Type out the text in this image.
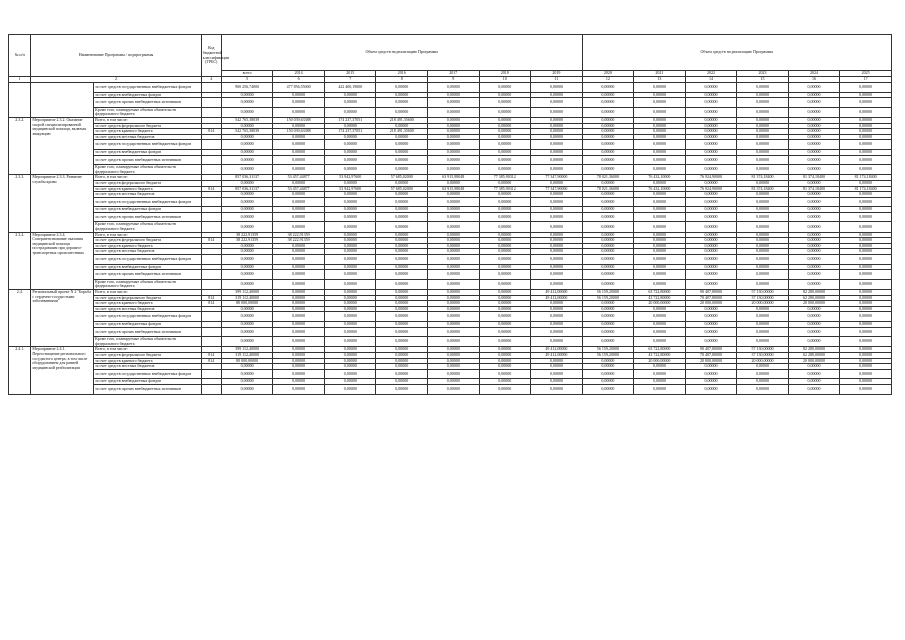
№ п/п	Наименование Программы / подпрограммы		Код бюджетной классификации (ГРБС)	Объем средств на реализацию Программы							Объем средств на реализацию Программы					
				всего	2014	2015	2016	2017	2018	2019	2020	2021	2022	2023	2024	2025
1	2		4	5	6	7	8	9	10	11	12	13	14	15	16	17
		за счет средств государственных внебюджетных фондов		900 256,74000	477 856,55000	422 400,19000	0,00000	0,00000	0,00000	0,00000	0,00000	0,00000	0,00000	0,00000	0,00000	0,00000
		за счет средств внебюджетных фондов		0,00000	0,00000	0,00000	0,00000	0,00000	0,00000	0,00000	0,00000	0,00000	0,00000	0,00000	0,00000	0,00000
		за счет средств прочих внебюджетных источников		0,00000	0,00000	0,00000	0,00000	0,00000	0,00000	0,00000	0,00000	0,00000	0,00000	0,00000	0,00000	0,00000
		Кроме того, планируемые объемы обязательств федерального бюджета		0,00000	0,00000	0,00000	0,00000	0,00000	0,00000	0,00000	0,00000	0,00000	0,00000	0,00000	0,00000	0,00000
2.3.2.	Мероприятие 2.3.2. Оказание скорой специализированной медицинской помощи, включая эвакуацию	Всего, в том числе:		542 765,38039	150 039,63388	174 237,37051	218 491,35600	0,00000	0,00000	0,00000	0,00000	0,00000	0,00000	0,00000	0,00000	0,00000
		за счет средств федерального бюджета		0,00000	0,00000	0,00000	0,00000	0,00000	0,00000	0,00000	0,00000	0,00000	0,00000	0,00000	0,00000	0,00000
		за счет средств краевого бюджета	814	542 765,38039	150 039,63388	174 237,37051	218 491,35600	0,00000	0,00000	0,00000	0,00000	0,00000	0,00000	0,00000	0,00000	0,00000
		за счет средств местных бюджетов		0,00000	0,00000	0,00000	0,00000	0,00000	0,00000	0,00000	0,00000	0,00000	0,00000	0,00000	0,00000	0,00000
		за счет средств государственных внебюджетных фондов		0,00000	0,00000	0,00000	0,00000	0,00000	0,00000	0,00000	0,00000	0,00000	0,00000	0,00000	0,00000	0,00000
		за счет средств внебюджетных фондов		0,00000	0,00000	0,00000	0,00000	0,00000	0,00000	0,00000	0,00000	0,00000	0,00000	0,00000	0,00000	0,00000
		за счет средств прочих внебюджетных источников		0,00000	0,00000	0,00000	0,00000	0,00000	0,00000	0,00000	0,00000	0,00000	0,00000	0,00000	0,00000	0,00000
		Кроме того, планируемые объемы обязательств федерального бюджета		0,00000	0,00000	0,00000	0,00000	0,00000	0,00000	0,00000	0,00000	0,00000	0,00000	0,00000	0,00000	0,00000
2.3.3.	Мероприятие 2.3.3. Развитие службы крови	Всего, в том числе:		857 036,31137	53 457,44877	53 942,97600	57 685,02000	63 915,98048	77 385,90312	77 347,90000	78 021,36000	76 432,10000	76 924,90000	81 374,18400	81 374,18400	81 174,18400
		за счет средств федерального бюджета		0,00000	0,00000	0,00000	0,00000	0,00000	0,00000	0,00000	0,00000	0,00000	0,00000	0,00000	0,00000	0,00000
		за счет средств краевого бюджета	814	857 036,31137	53 457,44877	53 942,97600	57 685,02000	63 915,98048	77 385,90312	77 347,90000	78 021,36000	76 432,10000	76 924,90000	81 374,18400	81 374,18400	81 174,18400
		за счет средств местных бюджетов		0,00000	0,00000	0,00000	0,00000	0,00000	0,00000	0,00000	0,00000	0,00000	0,00000	0,00000	0,00000	0,00000
		за счет средств государственных внебюджетных фондов		0,00000	0,00000	0,00000	0,00000	0,00000	0,00000	0,00000	0,00000	0,00000	0,00000	0,00000	0,00000	0,00000
		за счет средств внебюджетных фондов		0,00000	0,00000	0,00000	0,00000	0,00000	0,00000	0,00000	0,00000	0,00000	0,00000	0,00000	0,00000	0,00000
		за счет средств прочих внебюджетных источников		0,00000	0,00000	0,00000	0,00000	0,00000	0,00000	0,00000	0,00000	0,00000	0,00000	0,00000	0,00000	0,00000
		Кроме того, планируемые объемы обязательств федерального бюджета		0,00000	0,00000	0,00000	0,00000	0,00000	0,00000	0,00000	0,00000	0,00000	0,00000	0,00000	0,00000	0,00000
2.3.4.	Мероприятие 2.3.4. Совершенствование оказания медицинской помощи пострадавшим при дорожно-транспортных происшествиях	Всего, в том числе:		38 222,91359	38 222,91359	0,00000	0,00000	0,00000	0,00000	0,00000	0,00000	0,00000	0,00000	0,00000	0,00000	0,00000
		за счет средств федерального бюджета	814	38 222,91359	38 222,91359	0,00000	0,00000	0,00000	0,00000	0,00000	0,00000	0,00000	0,00000	0,00000	0,00000	0,00000
		за счет средств краевого бюджета		0,00000	0,00000	0,00000	0,00000	0,00000	0,00000	0,00000	0,00000	0,00000	0,00000	0,00000	0,00000	0,00000
		за счет средств местных бюджетов		0,00000	0,00000	0,00000	0,00000	0,00000	0,00000	0,00000	0,00000	0,00000	0,00000	0,00000	0,00000	0,00000
		за счет средств государственных внебюджетных фондов		0,00000	0,00000	0,00000	0,00000	0,00000	0,00000	0,00000	0,00000	0,00000	0,00000	0,00000	0,00000	0,00000
		за счет средств внебюджетных фондов		0,00000	0,00000	0,00000	0,00000	0,00000	0,00000	0,00000	0,00000	0,00000	0,00000	0,00000	0,00000	0,00000
		за счет средств прочих внебюджетных источников		0,00000	0,00000	0,00000	0,00000	0,00000	0,00000	0,00000	0,00000	0,00000	0,00000	0,00000	0,00000	0,00000
		Кроме того, планируемые объемы обязательств федерального бюджета		0,00000	0,00000	0,00000	0,00000	0,00000	0,00000	0,00000	0,00000	0,00000	0,00000	0,00000	0,00000	0,00000
2.4.	Региональный проект N 2 "Борьба с сердечно-сосудистыми заболеваниями"	Всего, в том числе:		399 112,40000	0,00000	0,00000	0,00000	0,00000	0,00000	49 412,00000	56 159,20000	63 722,80000	90 407,80000	57 130,00000	82 280,00000	0,00000
		за счет средств федерального бюджета	814	319 112,40000	0,00000	0,00000	0,00000	0,00000	0,00000	49 412,00000	56 159,20000	43 722,80000	70 407,80000	37 130,00000	62 280,00000	0,00000
		за счет средств краевого бюджета	814	80 000,00000	0,00000	0,00000	0,00000	0,00000	0,00000	0,00000	0,00000	20 000,00000	20 000,00000	20 000,00000	20 000,00000	0,00000
		за счет средств местных бюджетов		0,00000	0,00000	0,00000	0,00000	0,00000	0,00000	0,00000	0,00000	0,00000	0,00000	0,00000	0,00000	0,00000
		за счет средств государственных внебюджетных фондов		0,00000	0,00000	0,00000	0,00000	0,00000	0,00000	0,00000	0,00000	0,00000	0,00000	0,00000	0,00000	0,00000
		за счет средств внебюджетных фондов		0,00000	0,00000	0,00000	0,00000	0,00000	0,00000	0,00000	0,00000	0,00000	0,00000	0,00000	0,00000	0,00000
		за счет средств прочих внебюджетных источников		0,00000	0,00000	0,00000	0,00000	0,00000	0,00000	0,00000	0,00000	0,00000	0,00000	0,00000	0,00000	0,00000
		Кроме того, планируемые объемы обязательств федерального бюджета		0,00000	0,00000	0,00000	0,00000	0,00000	0,00000	0,00000	0,00000	0,00000	0,00000	0,00000	0,00000	0,00000
2.4.1.	Мероприятие 2.4.1. Переоснащение регионального сосудистого центра, в том числе оборудованием для ранней медицинской реабилитации	Всего, в том числе:		399 112,40000	0,00000	0,00000	0,00000	0,00000	0,00000	49 412,00000	56 159,20000	63 722,80000	90 407,80000	57 130,00000	82 280,00000	0,00000
		за счет средств федерального бюджета	814	319 112,40000	0,00000	0,00000	0,00000	0,00000	0,00000	49 412,00000	56 159,20000	43 722,80000	70 407,80000	37 130,00000	62 280,00000	0,00000
		за счет средств краевого бюджета	814	80 000,00000	0,00000	0,00000	0,00000	0,00000	0,00000	0,00000	0,00000	20 000,00000	20 000,00000	20 000,00000	20 000,00000	0,00000
		за счет средств местных бюджетов		0,00000	0,00000	0,00000	0,00000	0,00000	0,00000	0,00000	0,00000	0,00000	0,00000	0,00000	0,00000	0,00000
		за счет средств государственных внебюджетных фондов		0,00000	0,00000	0,00000	0,00000	0,00000	0,00000	0,00000	0,00000	0,00000	0,00000	0,00000	0,00000	0,00000
		за счет средств внебюджетных фондов		0,00000	0,00000	0,00000	0,00000	0,00000	0,00000	0,00000	0,00000	0,00000	0,00000	0,00000	0,00000	0,00000
		за счет средств прочих внебюджетных источников		0,00000	0,00000	0,00000	0,00000	0,00000	0,00000	0,00000	0,00000	0,00000	0,00000	0,00000	0,00000	0,00000
